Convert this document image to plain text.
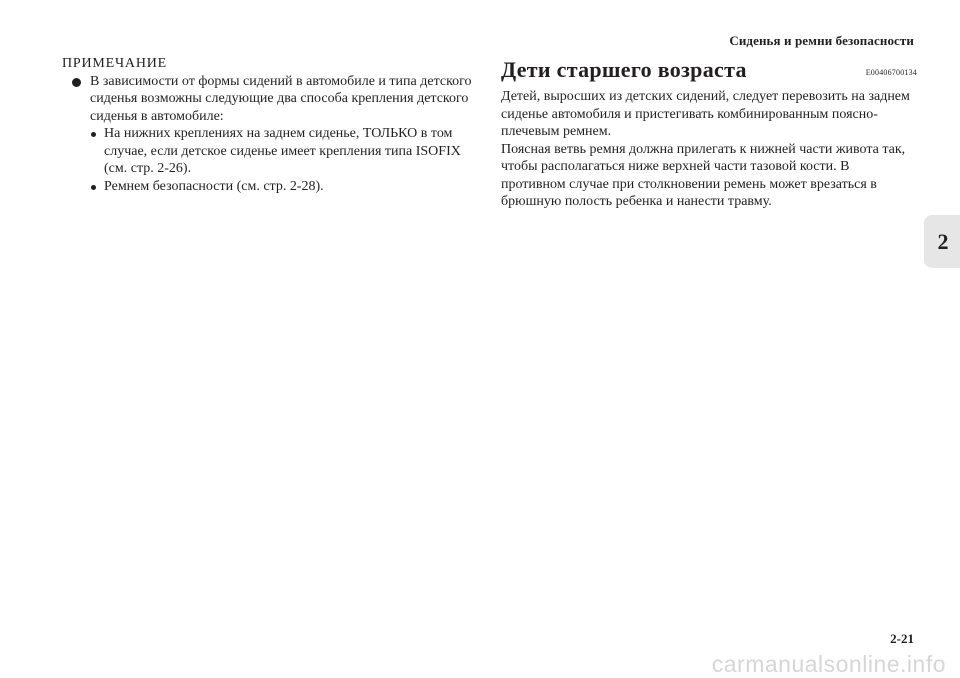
Сиденья и ремни безопасности
ПРИМЕЧАНИЕ
В зависимости от формы сидений в автомобиле и типа детского сиденья возможны следующие два способа крепления детского сиденья в автомобиле:
На нижних креплениях на заднем сиденье, ТОЛЬКО в том случае, если детское сиденье имеет крепления типа ISOFIX (см. стр. 2-26).
Ремнем безопасности (см. стр. 2-28).
Дети старшего возраста	E00406700134

Детей, выросших из детских сидений, следует перевозить на заднем сиденье автомобиля и пристегивать комбинированным поясно-плечевым ремнем.

Поясная ветвь ремня должна прилегать к нижней части живота так, чтобы располагаться ниже верхней части тазовой кости. В противном случае при столкновении ремень может врезаться в брюшную полость ребенка и нанести травму.

2
2-21
carmanualsonline.info
